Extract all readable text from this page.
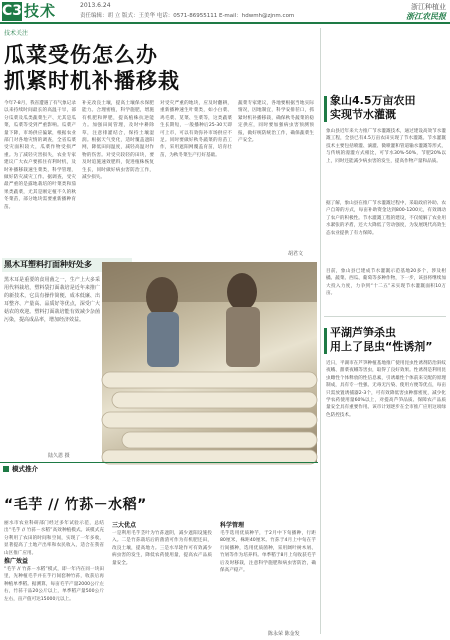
C3 技术	2013.6.24
责任编辑：胡 立 版式：王美华 电话：0571-86955111 E-mail：hdwmh@zjnm.com
浙江种植业
浙江农民报
技术关注
瓜菜受伤怎么办
抓紧时机补播移栽
今年7-8月，我省遭遇了有气象记录以来持续时间最长的高温干旱，部分瓜菜及瓜类蔬菜生产、尤其是瓜菜，瓜菜等受到严重影响。瓜菜产量下降，市场供应偏紧，根据农业部门对各地灾情的调查，全省瓜菜受灾面积较大，瓜菜作物受损严重。为了减轻灾害损失，农业专家建议广大农户要抓住有利时机，及时补播移栽速生菜类，科学管理，做好防灾减灾工作。据调查，受灾最严重的是露地栽培的叶菜类和茄果类蔬菜，尤其是刚定植不久的秋冬菜苗，部分地块需要重新播种育苗。
补充改良土壤，提高土壤保水保肥能力。合理密植，科学施肥，增施有机肥和钾肥，提高植株抗逆能力。加强田间管理，及时中耕除草，注意排灌结合，保持土壤湿润。根据天气变化，适时覆盖遮阳网，降低田间温度，减轻高温对作物的伤害。对受灾较轻的田块，要及时追施速效肥料，促进植株恢复生长，同时做好病虫害防治工作，减少损失。
对受灾严重的地块，应及时翻耕，重新播种速生叶菜类，如小白菜、鸡毛菜、苋菜、生菜等，这类蔬菜生长期短，一般播种后25-30天即可上市，可以有效弥补市场供应不足。同时要做好秋冬蔬菜的育苗工作，采用遮阳网覆盖育苗，培育壮苗，为秋冬菜生产打好基础。
蔬菜专家建议，各地要根据当地实际情况，因地制宜，科学安排茬口，抓紧时机补播移栽，确保秋冬蔬菜的稳定供应，同时要加强病虫害预测预报，做好统防统治工作，确保蔬菜生产安全。
胡君文
黑木耳塑料打面种好处多
黑木耳是重要的食用菌之一，生产上大多采用代料栽培，塑料袋打面栽培是近年来推广的新技术，它具有操作简便、成本低廉、出耳整齐、产量高、品质好等优点，深受广大菇农的欢迎。塑料打面栽培能有效减少杂菌污染，提高成品率，增加经济效益。
陆久恩 摄
模式推介
“毛芋 // 竹荪－水稻”
丽水市农业科研部门经过多年试验示范，总结出“毛芋 // 竹荪－水稻”高效种植模式。该模式充分利用了农田的时间和空间，实现了一年多收，显著提高了土地产出率和农民收入，适合在我省山区推广应用。
推广效益
“毛芋 // 竹荪－水稻”模式，即一年内在同一块田里，先种植毛芋并在芋行间套种竹荪，收获后再种植单季稻。据测算，每亩毛芋产量2000公斤左右，竹荪干品20公斤以上，单季稻产量500公斤左右，亩产值可达15000元以上。
三大优点
一是利用毛芋茎叶为竹荪遮阴，减少遮阳设施投入。二是竹荪栽培后的菌渣可作为有机肥还田，改良土壤，提高地力。三是水旱轮作可有效减少病虫害的发生，降低农药使用量，提高农产品质量安全。
科学管理
毛芋选用优质种芋，于2月中下旬播种，行距80厘米，株距40厘米。竹荪于4月上中旬在芋行间播种，选用优质菌种，采用阔叶树木屑、竹屑等作为培养料。单季稻于8月上旬收获毛芋后及时移栽，注意科学施肥和病虫害防治，确保高产稳产。
陈永荣 陈金发
象山4.5万亩农田
实现节水灌溉
象山县近年来大力推广节水灌溉技术，通过建设高效节水灌溉工程，全县已有4.5万亩农田实现了节水灌溉。节水灌溉技术主要包括喷灌、滴灌、微喷灌和管道输水灌溉等形式，与传统的漫灌方式相比，可节水30%-50%，节肥20%以上，同时还能减少病虫害的发生，提高作物产量和品质。
据了解，象山县在推广节水灌溉过程中，采取政府补助、农户自筹的方式，每亩补助资金达到800-1200元，有效调动了农户的积极性。节水灌溉工程的建设，不仅缓解了农业用水紧张的矛盾，还大大降低了劳动强度，为发展现代高效生态农业提供了有力保障。
目前，象山县已建成节水灌溉示范基地20多个，涉及柑橘、蔬菜、西瓜、葡萄等多种作物，下一步，该县将继续加大投入力度，力争到“十二五”末实现节水灌溉面积10万亩。
平湖芦笋杀虫
用上了昆虫“性诱剂”
近日，平湖市在芦笋种植基地推广使用昆虫性诱剂防治斜纹夜蛾、甜菜夜蛾等害虫，取得了良好效果。性诱剂是利用昆虫雌性个体释放的性信息素，引诱雄性个体前来交配的原理制成，具有专一性强、无毒无污染、使用方便等优点，每亩只需放置诱捕器2-3个，可有效降低害虫种群密度，减少化学农药使用量60%以上，对提高芦笋品质、保障农产品质量安全具有重要作用。该市计划逐步在全市推广应用这项绿色防控技术。
